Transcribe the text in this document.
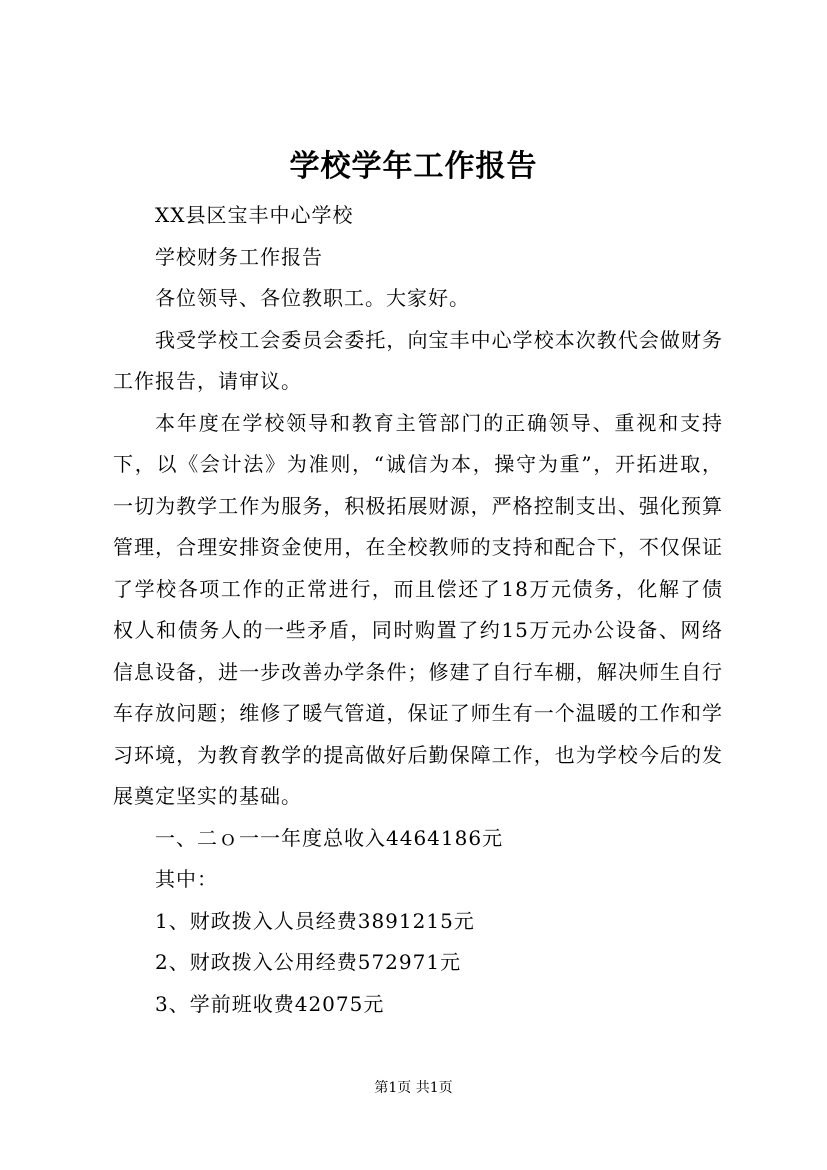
学校学年工作报告

XX县区宝丰中心学校

学校财务工作报告

各位领导、各位教职工。大家好。

我受学校工会委员会委托，向宝丰中心学校本次教代会做财务工作报告，请审议。

本年度在学校领导和教育主管部门的正确领导、重视和支持下，以《会计法》为准则，“诚信为本，操守为重”，开拓进取，一切为教学工作为服务，积极拓展财源，严格控制支出、强化预算管理，合理安排资金使用，在全校教师的支持和配合下，不仅保证了学校各项工作的正常进行，而且偿还了18万元债务，化解了债权人和债务人的一些矛盾，同时购置了约15万元办公设备、网络信息设备，进一步改善办学条件；修建了自行车棚，解决师生自行车存放问题；维修了暖气管道，保证了师生有一个温暖的工作和学习环境，为教育教学的提高做好后勤保障工作，也为学校今后的发展奠定坚实的基础。

一、二ｏ一一年度总收入4464186元

其中：

1、财政拨入人员经费3891215元

2、财政拨入公用经费572971元

3、学前班收费42075元

第1页 共1页
